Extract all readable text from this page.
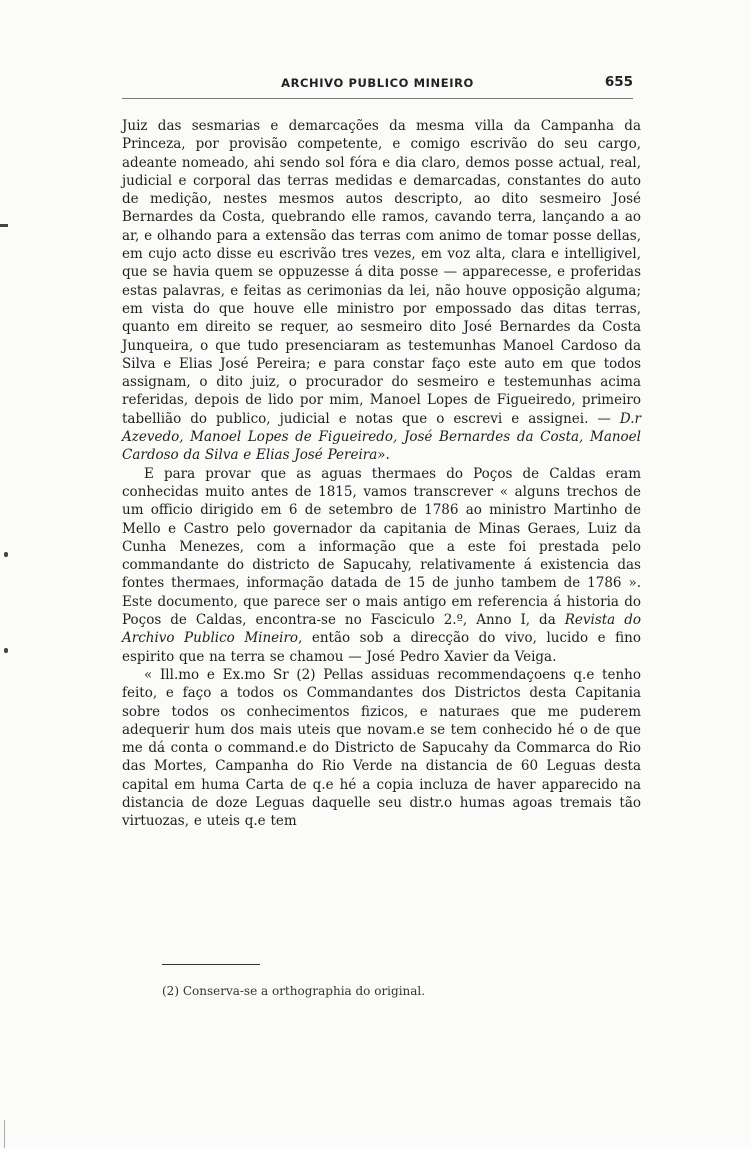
ARCHIVO PUBLICO MINEIRO	655

Juiz das sesmarias e demarcações da mesma villa da Campanha da Princeza, por provisão competente, e comigo escrivão do seu cargo, adeante nomeado, ahi sendo sol fóra e dia claro, demos posse actual, real, judicial e corporal das terras medidas e demarcadas, constantes do auto de medição, nestes mesmos autos descripto, ao dito sesmeiro José Bernardes da Costa, quebrando elle ramos, cavando terra, lançando a ao ar, e olhando para a extensão das terras com animo de tomar posse dellas, em cujo acto disse eu escrivão tres vezes, em voz alta, clara e intelligivel, que se havia quem se oppuzesse á dita posse — apparecesse, e proferidas estas palavras, e feitas as cerimonias da lei, não houve opposição alguma; em vista do que houve elle ministro por empossado das ditas terras, quanto em direito se requer, ao sesmeiro dito José Bernardes da Costa Junqueira, o que tudo presenciaram as testemunhas Manoel Cardoso da Silva e Elias José Pereira; e para constar faço este auto em que todos assignam, o dito juiz, o procurador do sesmeiro e testemunhas acima referidas, depois de lido por mim, Manoel Lopes de Figueiredo, primeiro tabellião do publico, judicial e notas que o escrevi e assignei. — D.r Azevedo, Manoel Lopes de Figueiredo, José Bernardes da Costa, Manoel Cardoso da Silva e Elias José Pereira».

E para provar que as aguas thermaes do Poços de Caldas eram conhecidas muito antes de 1815, vamos transcrever « alguns trechos de um officio dirigido em 6 de setembro de 1786 ao ministro Martinho de Mello e Castro pelo governador da capitania de Minas Geraes, Luiz da Cunha Menezes, com a informação que a este foi prestada pelo commandante do districto de Sapucahy, relativamente á existencia das fontes thermaes, informação datada de 15 de junho tambem de 1786 ». Este documento, que parece ser o mais antigo em referencia á historia do Poços de Caldas, encontra-se no Fasciculo 2.º, Anno I, da Revista do Archivo Publico Mineiro, então sob a direcção do vivo, lucido e fino espirito que na terra se chamou — José Pedro Xavier da Veiga.

« Ill.mo e Ex.mo Sr (2) Pellas assiduas recommendaçoens q.e tenho feito, e faço a todos os Commandantes dos Districtos desta Capitania sobre todos os conhecimentos fizicos, e naturaes que me puderem adequerir hum dos mais uteis que novam.e se tem conhecido hé o de que me dá conta o command.e do Districto de Sapucahy da Commarca do Rio das Mortes, Campanha do Rio Verde na distancia de 60 Leguas desta capital em huma Carta de q.e hé a copia incluza de haver apparecido na distancia de doze Leguas daquelle seu distr.o humas agoas tremais tão virtuozas, e uteis q.e tem

(2) Conserva-se a orthographia do original.
